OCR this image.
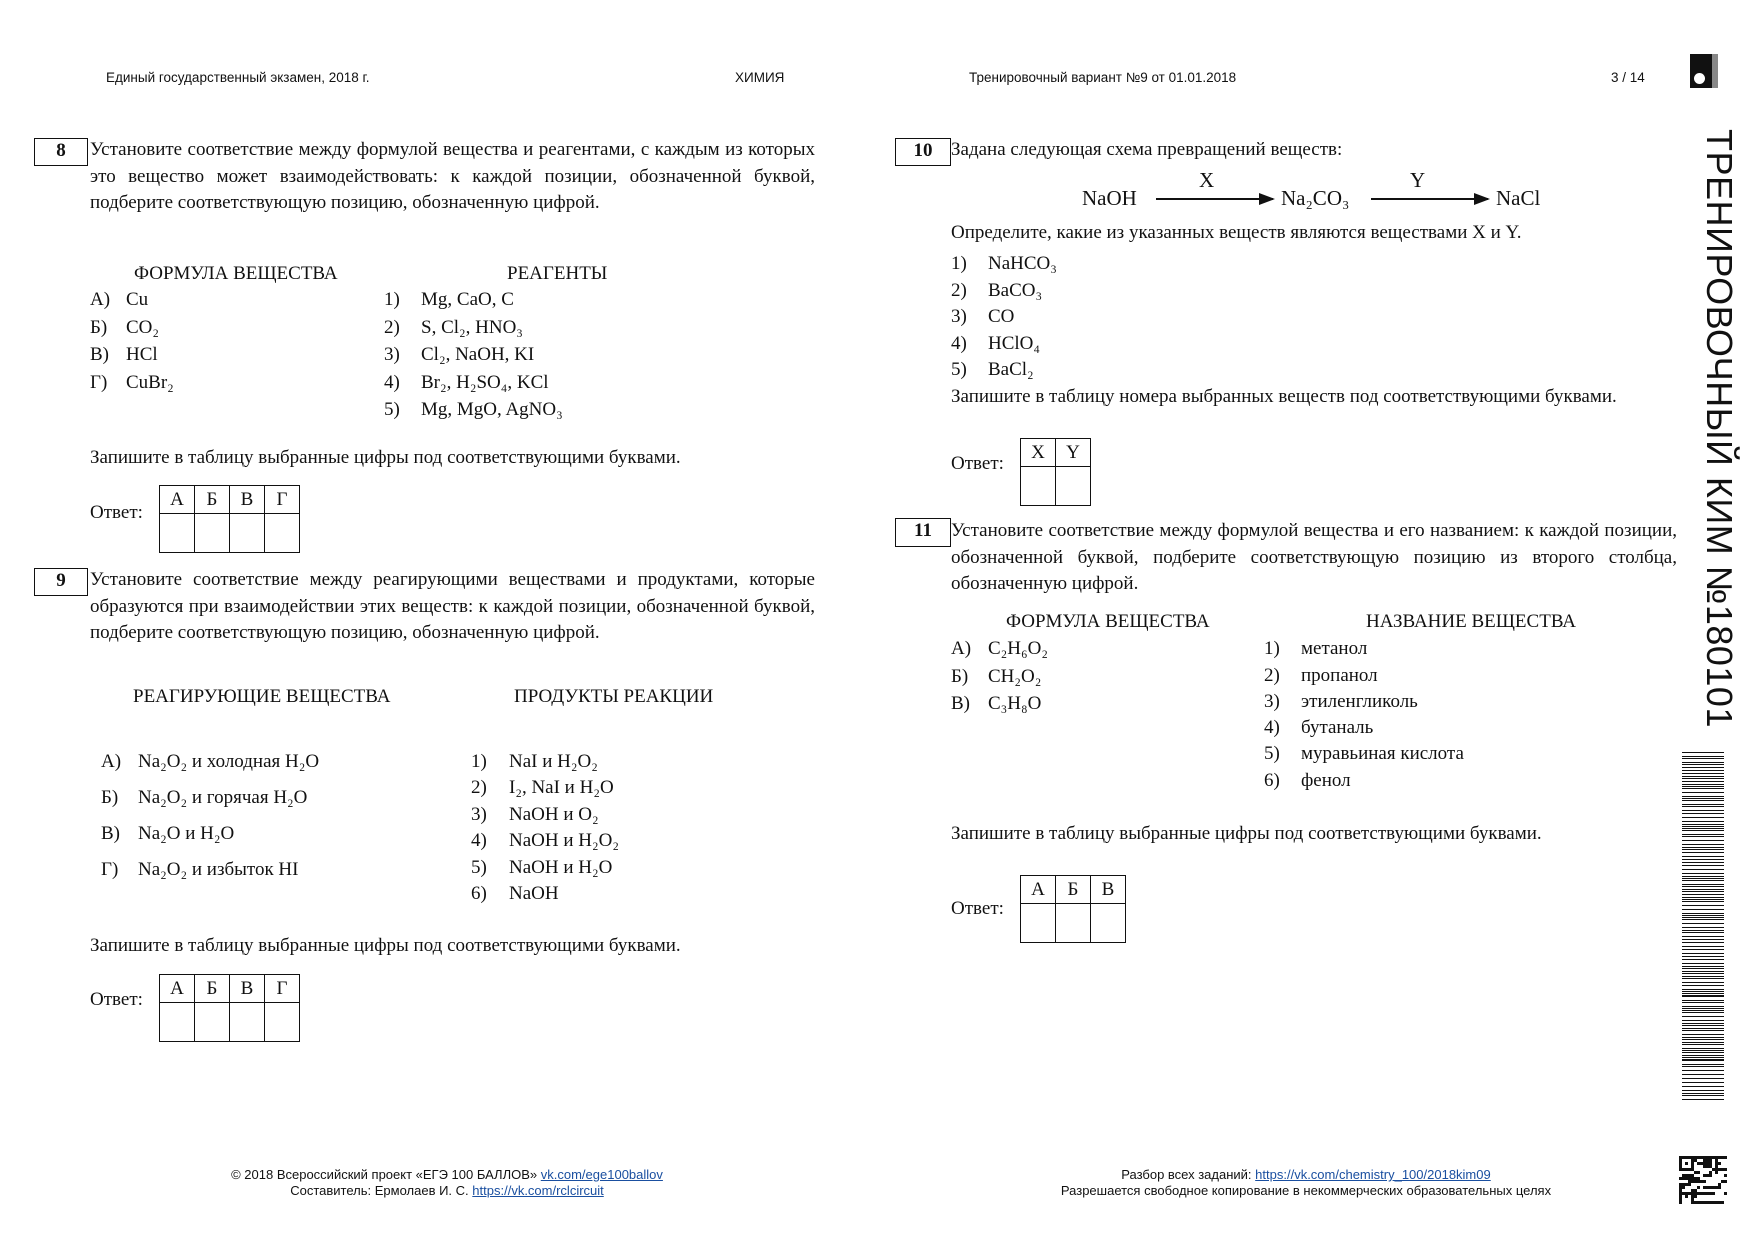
Единый государственный экзамен, 2018 г.	ХИМИЯ	Тренировочный вариант №9 от 01.01.2018	3 / 14
ТРЕНИРОВОЧНЫЙ КИМ №180101
8	Установите соответствие между формулой вещества и реагентами, с каждым из которых это вещество может взаимодействовать: к каждой позиции, обозначенной буквой, подберите соответствующую позицию, обозначенную цифрой.
ФОРМУЛА ВЕЩЕСТВА	РЕАГЕНТЫ
А) Cu
Б) CO₂
В) HCl
Г) CuBr₂
1) Mg, CaO, C
2) S, Cl₂, HNO₃
3) Cl₂, NaOH, KI
4) Br₂, H₂SO₄, KCl
5) Mg, MgO, AgNO₃
Запишите в таблицу выбранные цифры под соответствующими буквами.
Ответ:
А	Б	В	Г

9	Установите соответствие между реагирующими веществами и продуктами, которые образуются при взаимодействии этих веществ: к каждой позиции, обозначенной буквой, подберите соответствующую позицию, обозначенную цифрой.
РЕАГИРУЮЩИЕ ВЕЩЕСТВА	ПРОДУКТЫ РЕАКЦИИ
А) Na₂O₂ и холодная H₂O
Б) Na₂O₂ и горячая H₂O
В) Na₂O и H₂O
Г) Na₂O₂ и избыток HI
1) NaI и H₂O₂
2) I₂, NaI и H₂O
3) NaOH и O₂
4) NaOH и H₂O₂
5) NaOH и H₂O
6) NaOH
Запишите в таблицу выбранные цифры под соответствующими буквами.
Ответ:
А	Б	В	Г

10 Задана следующая схема превращений веществ:
NaOH
X
Na₂CO₃
Y
NaCl
Определите, какие из указанных веществ являются веществами X и Y.
1) NaHCO₃
2) BaCO₃
3) CO
4) HClO₄
5) BaCl₂
Запишите в таблицу номера выбранных веществ под соответствующими буквами.
Ответ:
X	Y

11	Установите соответствие между формулой вещества и его названием: к каждой позиции, обозначенной буквой, подберите соответствующую позицию из второго столбца, обозначенную цифрой.
ФОРМУЛА ВЕЩЕСТВА	НАЗВАНИЕ ВЕЩЕСТВА
А) C₂H₆O₂
Б) CH₂O₂
В) C₃H₈O
1) метанол
2) пропанол
3) этиленгликоль
4) бутаналь
5) муравьиная кислота
6) фенол
Запишите в таблицу выбранные цифры под соответствующими буквами.
Ответ:
А	Б	В

© 2018 Всероссийский проект «ЕГЭ 100 БАЛЛОВ» vk.com/ege100ballov
Составитель: Ермолаев И. С. https://vk.com/rclcircuit
Разбор всех заданий: https://vk.com/chemistry_100/2018kim09
Разрешается свободное копирование в некоммерческих образовательных целях
